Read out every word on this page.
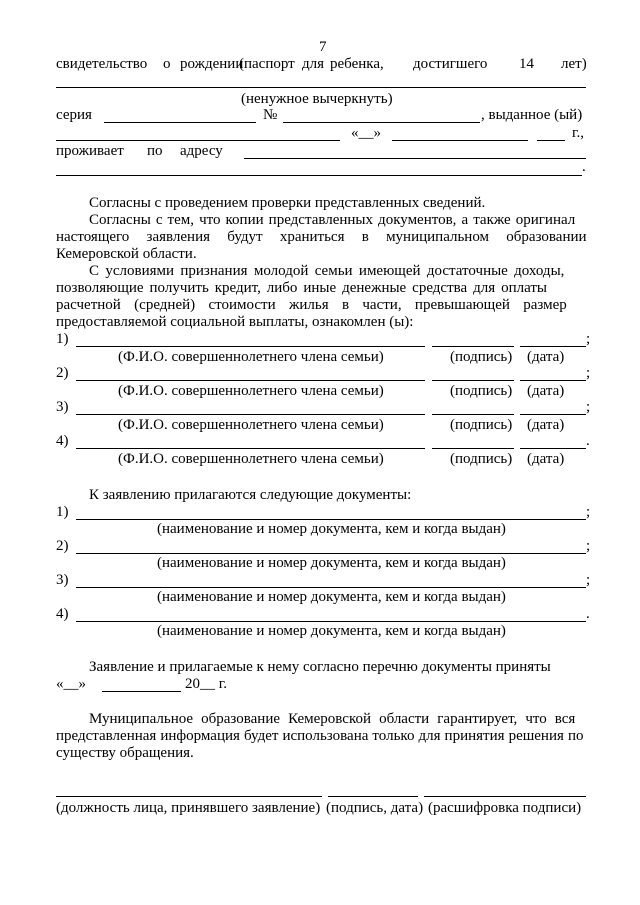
7
свидетельство о рождении
(паспорт для ребенка, достигшего 14 лет)
(ненужное вычеркнуть)
серия	№	, выданное (ый)
«__»	г.,
проживает по адресу
.
Согласны с проведением проверки представленных сведений.
Согласны с тем, что копии представленных документов, а также оригинал
настоящего заявления будут храниться в муниципальном образовании
Кемеровской области.
С условиями признания молодой семьи имеющей достаточные доходы,
позволяющие получить кредит, либо иные денежные средства для оплаты
расчетной (средней) стоимости жилья в части, превышающей размер
предоставляемой социальной выплаты, ознакомлен (ы):
1)	;
(Ф.И.О. совершеннолетнего члена семьи)	(подпись) (дата)
2)	;
(Ф.И.О. совершеннолетнего члена семьи)	(подпись) (дата)
3)	;
(Ф.И.О. совершеннолетнего члена семьи)	(подпись) (дата)
4)	.
(Ф.И.О. совершеннолетнего члена семьи)	(подпись) (дата)
К заявлению прилагаются следующие документы:
1)	;
(наименование и номер документа, кем и когда выдан)
2)	;
(наименование и номер документа, кем и когда выдан)
3)	;
(наименование и номер документа, кем и когда выдан)
4)	.
(наименование и номер документа, кем и когда выдан)
Заявление и прилагаемые к нему согласно перечню документы приняты
«__»	20__ г.
Муниципальное образование Кемеровской области гарантирует, что вся
представленная информация будет использована только для принятия решения по
существу обращения.
(должность лица, принявшего заявление) (подпись, дата) (расшифровка подписи)
